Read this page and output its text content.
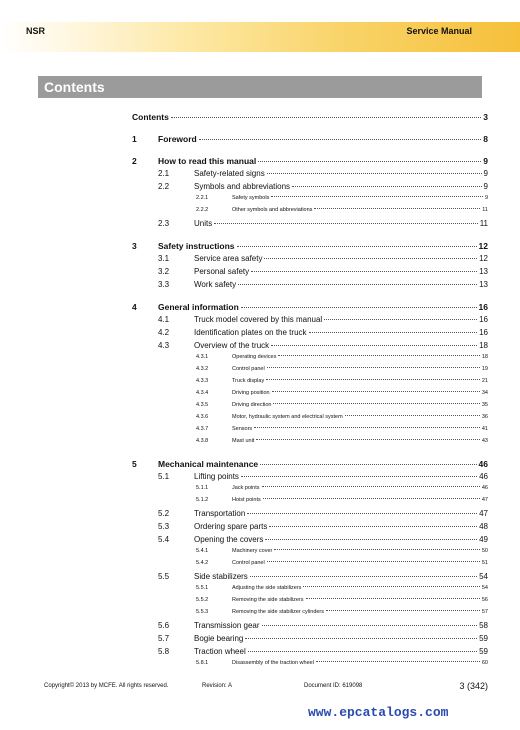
NSR	Service Manual
Contents
Contents	3
1	Foreword	8
2	How to read this manual	9
2.1	Safety-related signs	9
2.2	Symbols and abbreviations	9
2.2.1	Safety symbols	9
2.2.2	Other symbols and abbreviations	11
2.3	Units	11
3	Safety instructions	12
3.1	Service area safety	12
3.2	Personal safety	13
3.3	Work safety	13
4	General information	16
4.1	Truck model covered by this manual	16
4.2	Identification plates on the truck	16
4.3	Overview of the truck	18
4.3.1	Operating devices	18
4.3.2	Control panel	19
4.3.3	Truck display	21
4.3.4	Driving position	34
4.3.5	Driving direction	35
4.3.6	Motor, hydraulic system and electrical system	36
4.3.7	Sensors	41
4.3.8	Mast unit	43
5	Mechanical maintenance	46
5.1	Lifting points	46
5.1.1	Jack points	46
5.1.2	Hoist points	47
5.2	Transportation	47
5.3	Ordering spare parts	48
5.4	Opening the covers	49
5.4.1	Machinery cover	50
5.4.2	Control panel	51
5.5	Side stabilizers	54
5.5.1	Adjusting the side stabilizers	54
5.5.2	Removing the side stabilizers	56
5.5.3	Removing the side stabilizer cylinders	57
5.6	Transmission gear	58
5.7	Bogie bearing	59
5.8	Traction wheel	59
5.8.1	Disassembly of the traction wheel	60
Copyright© 2013 by MCFE. All rights reserved.	Revision: A	Document ID: 619098	3 (342)
www.epcatalogs.com
